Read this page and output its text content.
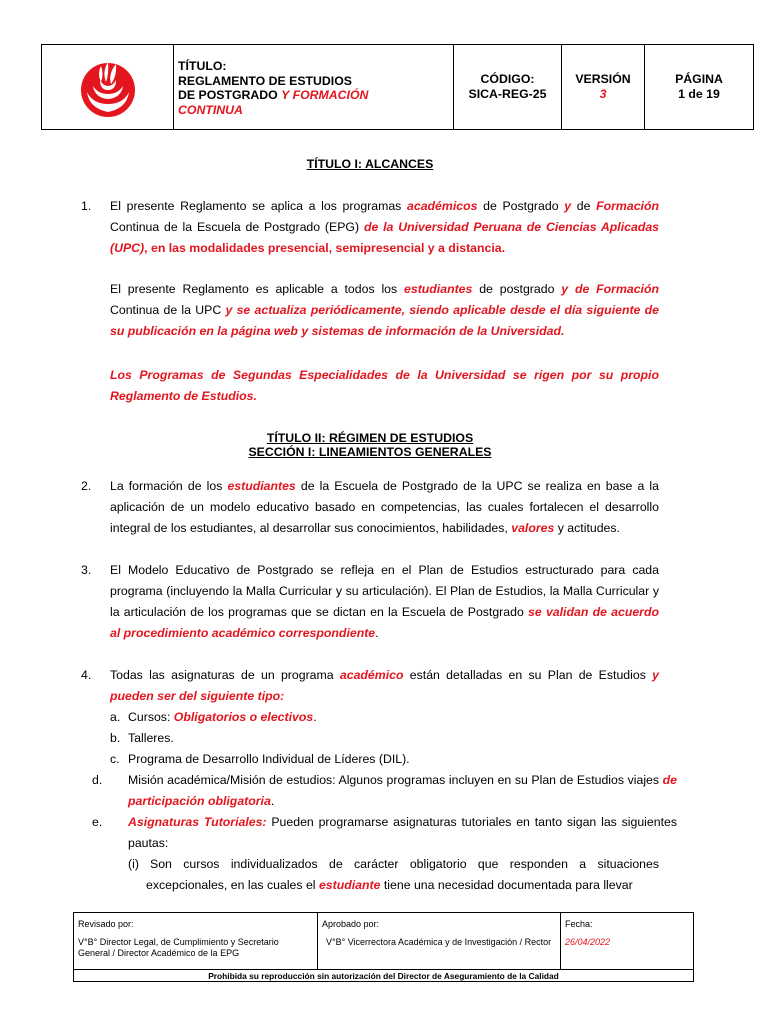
TÍTULO:
REGLAMENTO DE ESTUDIOS
DE POSTGRADO Y FORMACIÓN
CONTINUA
CÓDIGO:
SICA-REG-25
VERSIÓN
3
PÁGINA
1 de 19
TÍTULO I: ALCANCES
1. El presente Reglamento se aplica a los programas académicos de Postgrado y de Formación Continua de la Escuela de Postgrado (EPG) de la Universidad Peruana de Ciencias Aplicadas (UPC), en las modalidades presencial, semipresencial y a distancia.
El presente Reglamento es aplicable a todos los estudiantes de postgrado y de Formación Continua de la UPC y se actualiza periódicamente, siendo aplicable desde el día siguiente de su publicación en la página web y sistemas de información de la Universidad.
Los Programas de Segundas Especialidades de la Universidad se rigen por su propio Reglamento de Estudios.
TÍTULO II: RÉGIMEN DE ESTUDIOS
SECCIÓN I: LINEAMIENTOS GENERALES
2. La formación de los estudiantes de la Escuela de Postgrado de la UPC se realiza en base a la aplicación de un modelo educativo basado en competencias, las cuales fortalecen el desarrollo integral de los estudiantes, al desarrollar sus conocimientos, habilidades, valores y actitudes.
3. El Modelo Educativo de Postgrado se refleja en el Plan de Estudios estructurado para cada programa (incluyendo la Malla Curricular y su articulación). El Plan de Estudios, la Malla Curricular y la articulación de los programas que se dictan en la Escuela de Postgrado se validan de acuerdo al procedimiento académico correspondiente.
4. Todas las asignaturas de un programa académico están detalladas en su Plan de Estudios y pueden ser del siguiente tipo:
a. Cursos: Obligatorios o electivos.
b. Talleres.
c. Programa de Desarrollo Individual de Líderes (DIL).
d. Misión académica/Misión de estudios: Algunos programas incluyen en su Plan de Estudios viajes de participación obligatoria.
e. Asignaturas Tutoriales: Pueden programarse asignaturas tutoriales en tanto sigan las siguientes pautas:
(i) Son cursos individualizados de carácter obligatorio que responden a situaciones excepcionales, en las cuales el estudiante tiene una necesidad documentada para llevar
Revisado por:
V°B° Director Legal, de Cumplimiento y Secretario General / Director Académico de la EPG
Aprobado por:
V°B° Vicerrectora Académica y de Investigación / Rector
Fecha:
26/04/2022
Prohibida su reproducción sin autorización del Director de Aseguramiento de la Calidad
